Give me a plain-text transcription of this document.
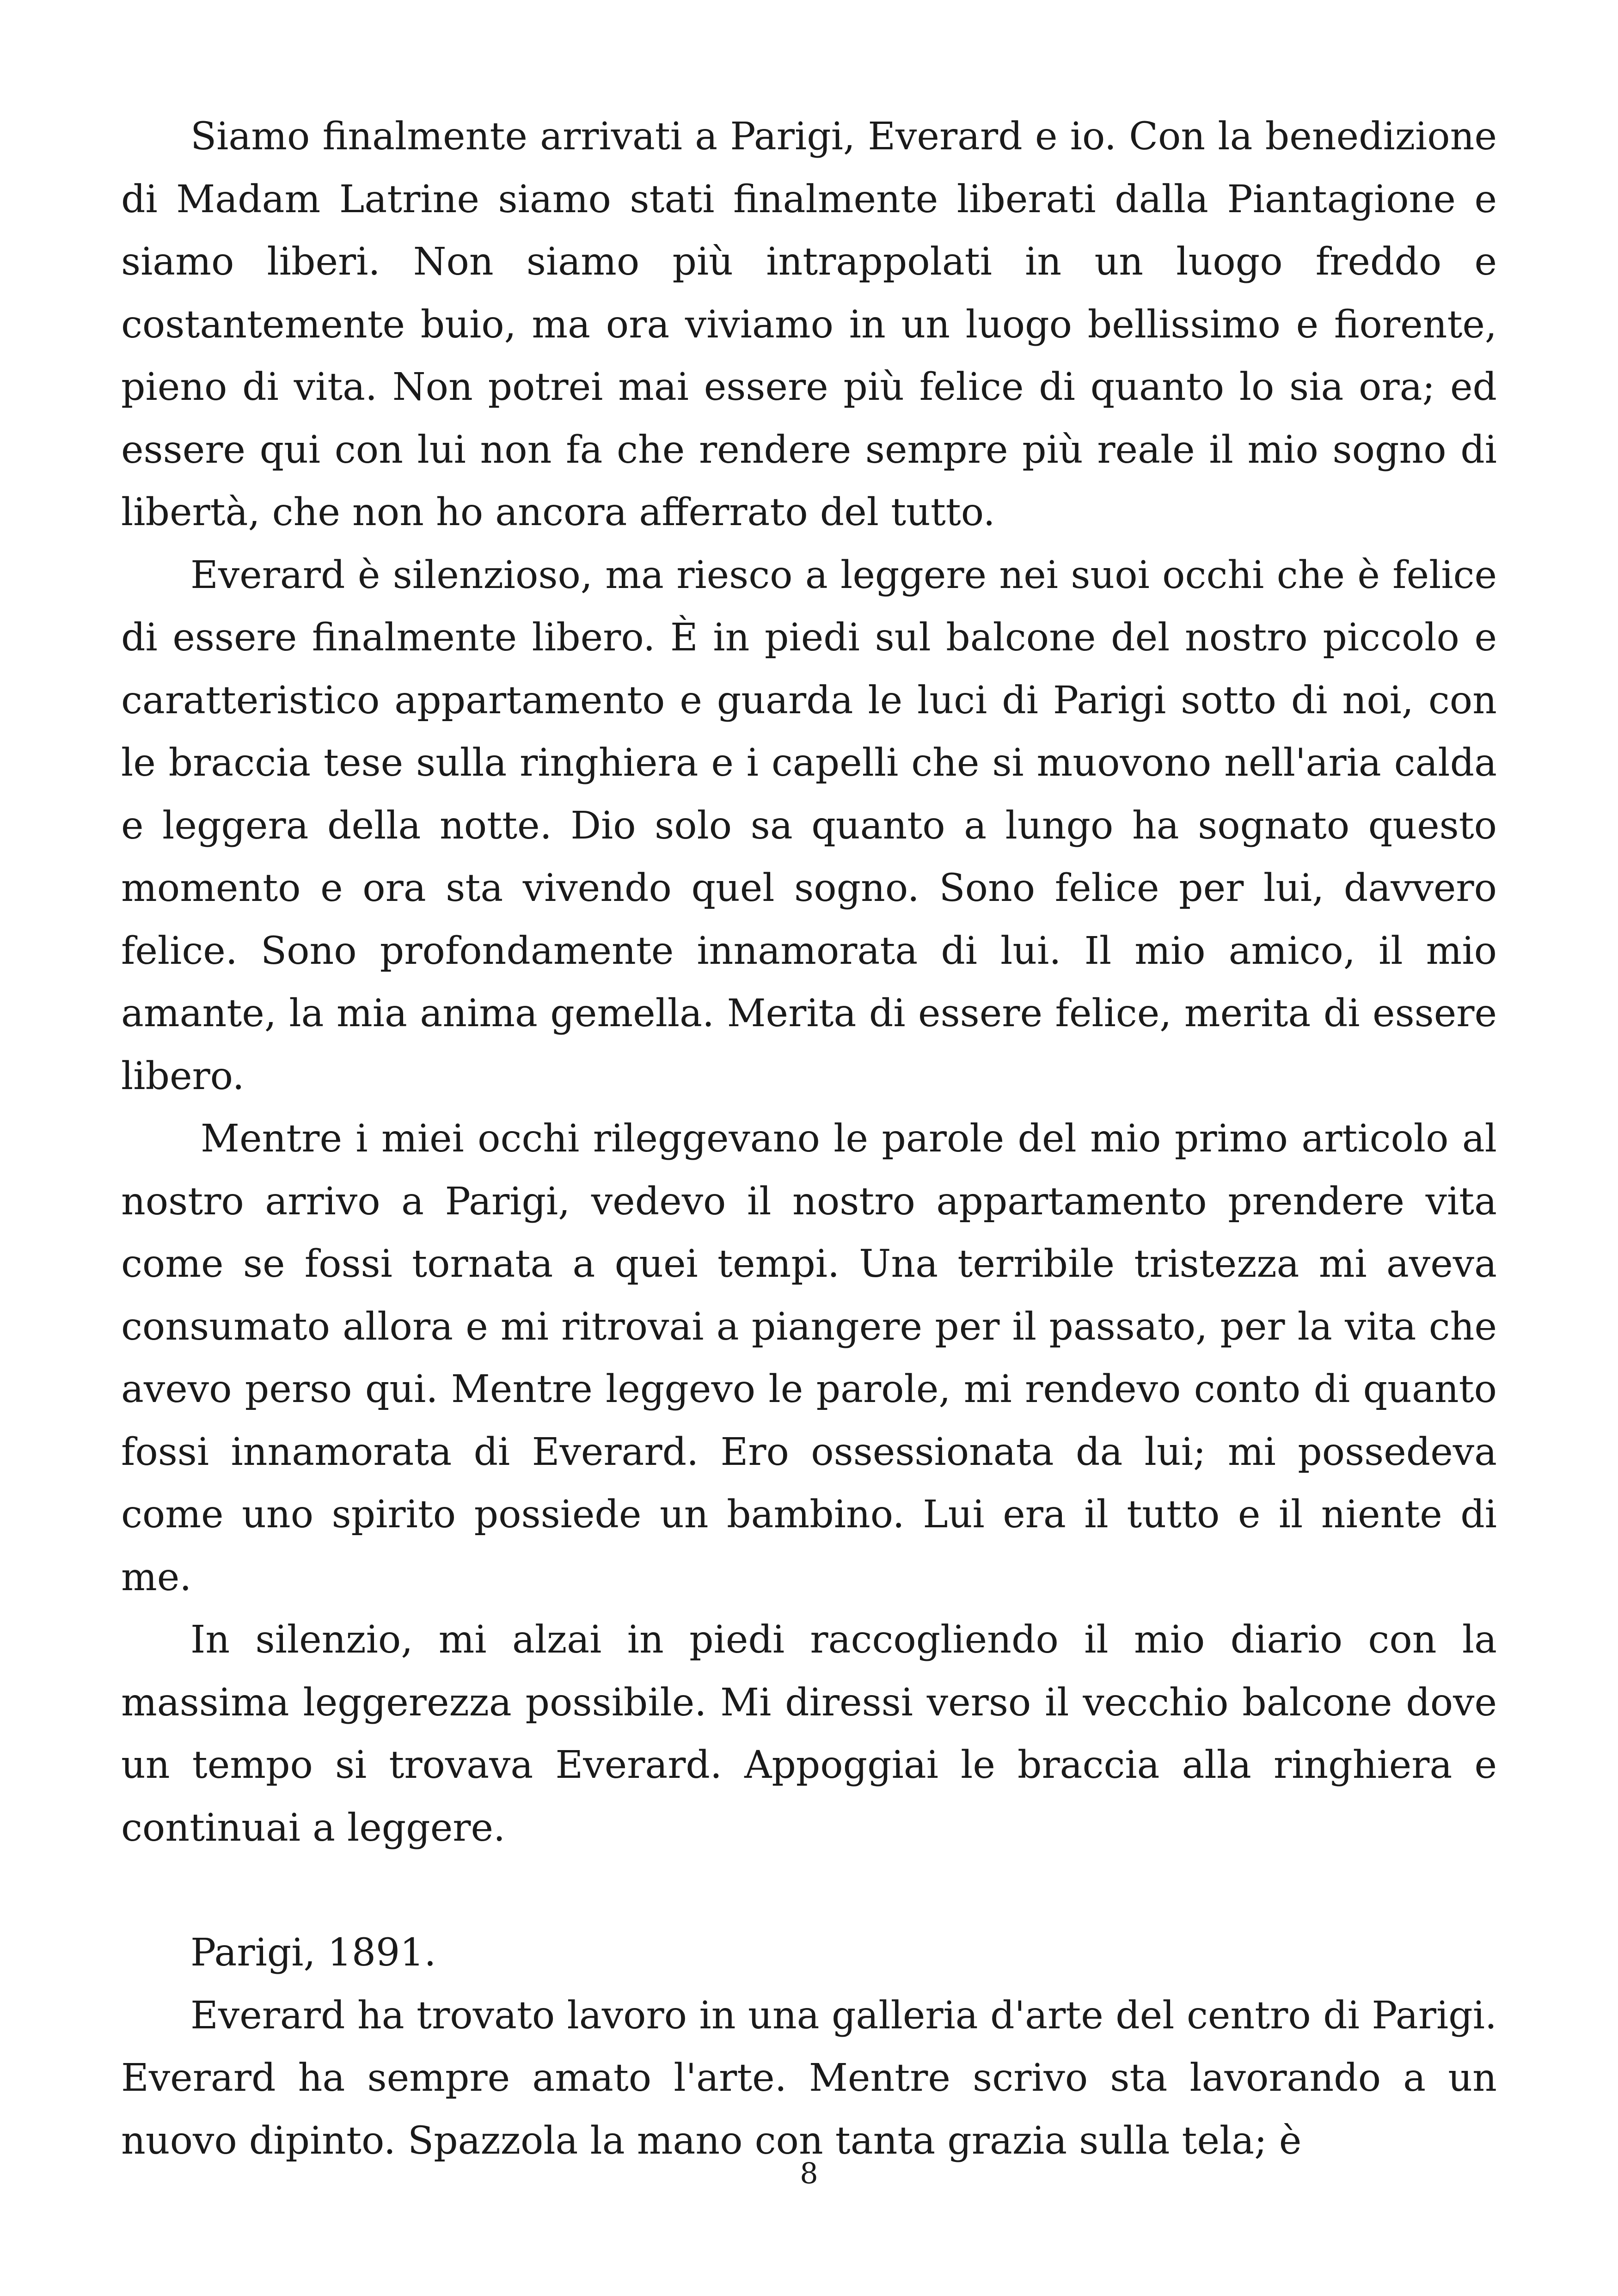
Siamo finalmente arrivati a Parigi, Everard e io. Con la benedizione di Madam Latrine siamo stati finalmente liberati dalla Piantagione e siamo liberi. Non siamo più intrappolati in un luogo freddo e costantemente buio, ma ora viviamo in un luogo bellissimo e fiorente, pieno di vita. Non potrei mai essere più felice di quanto lo sia ora; ed essere qui con lui non fa che rendere sempre più reale il mio sogno di libertà, che non ho ancora afferrato del tutto.

Everard è silenzioso, ma riesco a leggere nei suoi occhi che è felice di essere finalmente libero. È in piedi sul balcone del nostro piccolo e caratteristico appartamento e guarda le luci di Parigi sotto di noi, con le braccia tese sulla ringhiera e i capelli che si muovono nell'aria calda e leggera della notte. Dio solo sa quanto a lungo ha sognato questo momento e ora sta vivendo quel sogno. Sono felice per lui, davvero felice. Sono profondamente innamorata di lui. Il mio amico, il mio amante, la mia anima gemella. Merita di essere felice, merita di essere libero.

Mentre i miei occhi rileggevano le parole del mio primo articolo al nostro arrivo a Parigi, vedevo il nostro appartamento prendere vita come se fossi tornata a quei tempi. Una terribile tristezza mi aveva consumato allora e mi ritrovai a piangere per il passato, per la vita che avevo perso qui. Mentre leggevo le parole, mi rendevo conto di quanto fossi innamorata di Everard. Ero ossessionata da lui; mi possedeva come uno spirito possiede un bambino. Lui era il tutto e il niente di me.

In silenzio, mi alzai in piedi raccogliendo il mio diario con la massima leggerezza possibile. Mi diressi verso il vecchio balcone dove un tempo si trovava Everard. Appoggiai le braccia alla ringhiera e continuai a leggere.

Parigi, 1891.

Everard ha trovato lavoro in una galleria d'arte del centro di Parigi. Everard ha sempre amato l'arte. Mentre scrivo sta lavorando a un nuovo dipinto. Spazzola la mano con tanta grazia sulla tela; è

8
